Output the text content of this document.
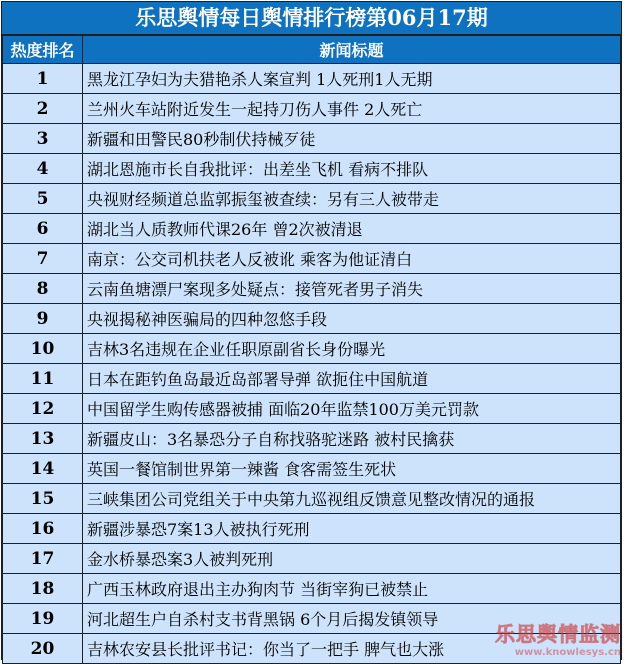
乐思舆情每日舆情排行榜第06月17期
热度排名	新闻标题
1	黑龙江孕妇为夫猎艳杀人案宣判 1人死刑1人无期
2	兰州火车站附近发生一起持刀伤人事件 2人死亡
3	新疆和田警民80秒制伏持械歹徒
4	湖北恩施市长自我批评：出差坐飞机 看病不排队
5	央视财经频道总监郭振玺被查续：另有三人被带走
6	湖北当人质教师代课26年 曾2次被清退
7	南京：公交司机扶老人反被讹 乘客为他证清白
8	云南鱼塘漂尸案现多处疑点：接管死者男子消失
9	央视揭秘神医骗局的四种忽悠手段
10	吉林3名违规在企业任职原副省长身份曝光
11	日本在距钓鱼岛最近岛部署导弹 欲扼住中国航道
12	中国留学生购传感器被捕 面临20年监禁100万美元罚款
13	新疆皮山：3名暴恐分子自称找骆驼迷路 被村民擒获
14	英国一餐馆制世界第一辣酱 食客需签生死状
15	三峡集团公司党组关于中央第九巡视组反馈意见整改情况的通报
16	新疆涉暴恐7案13人被执行死刑
17	金水桥暴恐案3人被判死刑
18	广西玉林政府退出主办狗肉节 当街宰狗已被禁止
19	河北超生户自杀村支书背黑锅 6个月后揭发镇领导
20	吉林农安县长批评书记：你当了一把手 脾气也大涨
乐思舆情监测
www.knowlesys.cn
